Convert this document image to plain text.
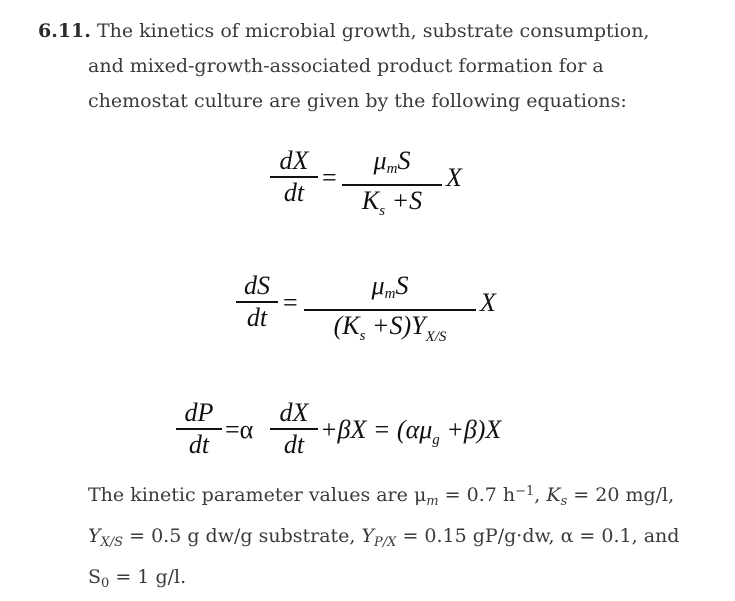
6.11. The kinetics of microbial growth, substrate consumption,
and mixed-growth-associated product formation for a
chemostat culture are given by the following equations:
dX
dt =
$\mu_mS$
$K_s +S$
X
dS
dt =
$\mu_mS$
$(K_s +S)Y_{X/S}$
X
dP
dt =α
dX
dt $+\beta X = (\alpha\mu_g +\beta)X$
The kinetic parameter values are $\mu_m = 0.7$ $h^{-1}$, $K_s = 20$ mg/l,
$Y_{X/S} = 0.5$ g dw/g substrate, $Y_{P/X} = 0.15$ gP/g·dw, α = 0.1, and
$S_0 = 1$ g/l.
